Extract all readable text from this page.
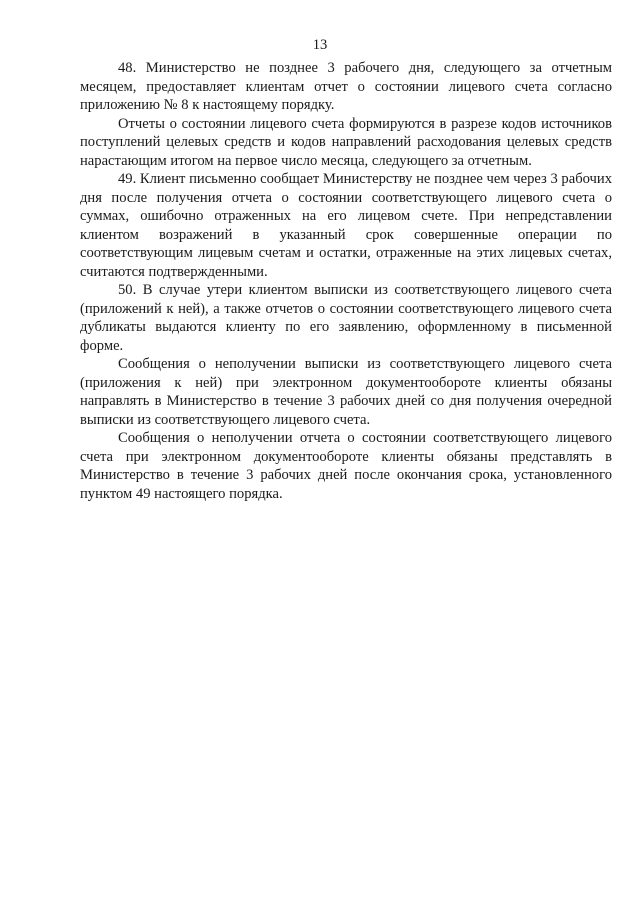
13

48. Министерство не позднее 3 рабочего дня, следующего за отчетным месяцем, предоставляет клиентам отчет о состоянии лицевого счета согласно приложению № 8 к настоящему порядку.

Отчеты о состоянии лицевого счета формируются в разрезе кодов источников поступлений целевых средств и кодов направлений расходования целевых средств нарастающим итогом на первое число месяца, следующего за отчетным.

49. Клиент письменно сообщает Министерству не позднее чем через 3 рабочих дня после получения отчета о состоянии соответствующего лицевого счета о суммах, ошибочно отраженных на его лицевом счете. При непредставлении клиентом возражений в указанный срок совершенные операции по соответствующим лицевым счетам и остатки, отраженные на этих лицевых счетах, считаются подтвержденными.

50. В случае утери клиентом выписки из соответствующего лицевого счета (приложений к ней), а также отчетов о состоянии соответствующего лицевого счета дубликаты выдаются клиенту по его заявлению, оформленному в письменной форме.

Сообщения о неполучении выписки из соответствующего лицевого счета (приложения к ней) при электронном документообороте клиенты обязаны направлять в Министерство в течение 3 рабочих дней со дня получения очередной выписки из соответствующего лицевого счета.

Сообщения о неполучении отчета о состоянии соответствующего лицевого счета при электронном документообороте клиенты обязаны представлять в Министерство в течение 3 рабочих дней после окончания срока, установленного пунктом 49 настоящего порядка.
